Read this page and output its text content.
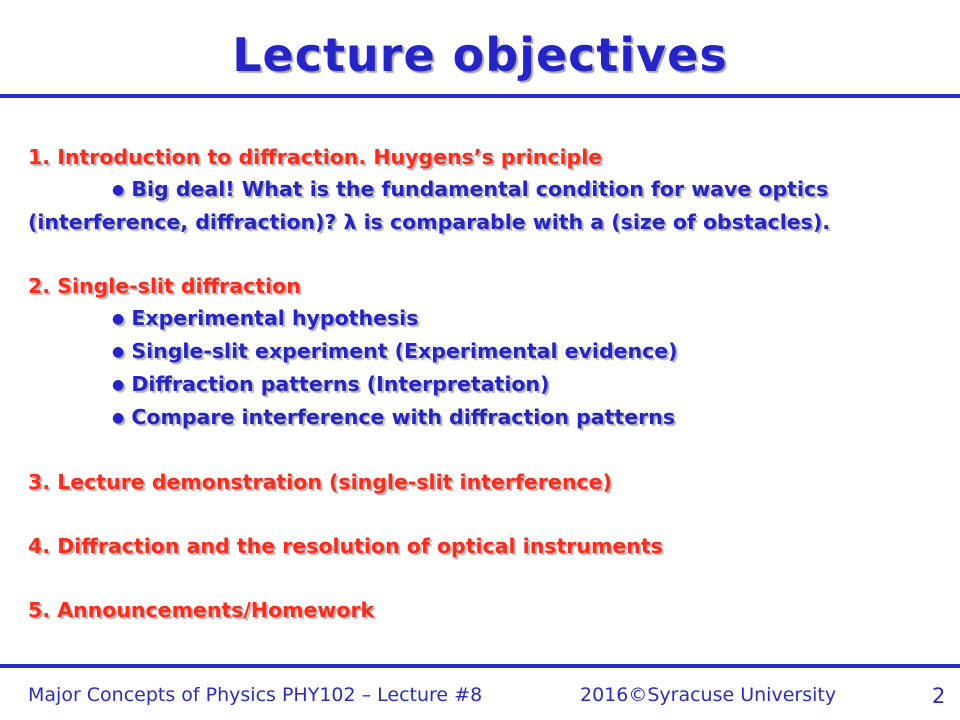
Lecture objectives
1. Introduction to diffraction. Huygens’s principle
● Big deal! What is the fundamental condition for wave optics
(interference, diffraction)? λ is comparable with a (size of obstacles).
2. Single-slit diffraction
● Experimental hypothesis
● Single-slit experiment (Experimental evidence)
● Diffraction patterns (Interpretation)
● Compare interference with diffraction patterns
3. Lecture demonstration (single-slit interference)
4. Diffraction and the resolution of optical instruments
5. Announcements/Homework
Major Concepts of Physics PHY102 – Lecture #8	2016©Syracuse University	2
